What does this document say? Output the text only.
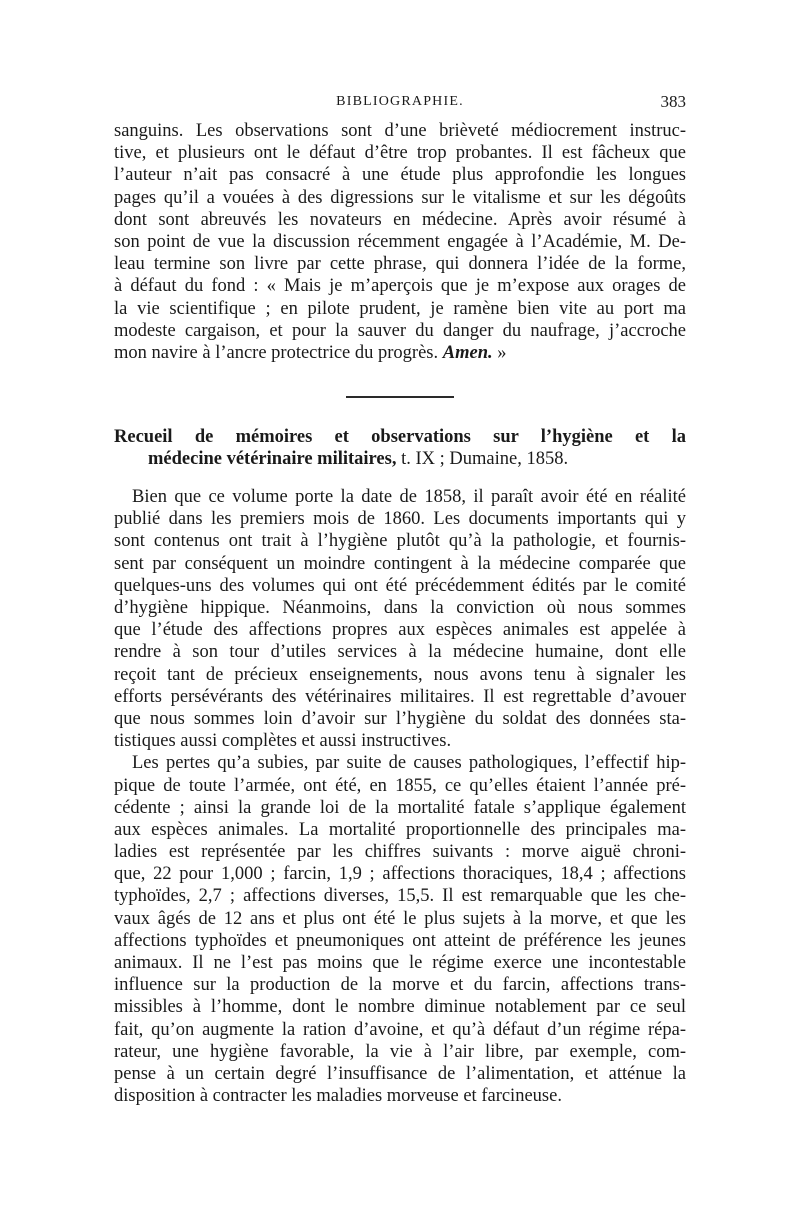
BIBLIOGRAPHIE.	383
sanguins. Les observations sont d’une brièveté médiocrement instruc-
tive, et plusieurs ont le défaut d’être trop probantes. Il est fâcheux que
l’auteur n’ait pas consacré à une étude plus approfondie les longues
pages qu’il a vouées à des digressions sur le vitalisme et sur les dégoûts
dont sont abreuvés les novateurs en médecine. Après avoir résumé à
son point de vue la discussion récemment engagée à l’Académie, M. De-
leau termine son livre par cette phrase, qui donnera l’idée de la forme,
à défaut du fond : « Mais je m’aperçois que je m’expose aux orages de
la vie scientifique ; en pilote prudent, je ramène bien vite au port ma
modeste cargaison, et pour la sauver du danger du naufrage, j’accroche
mon navire à l’ancre protectrice du progrès. Amen. »
Recueil de mémoires et observations sur l’hygiène et la
médecine vétérinaire militaires, t. IX ; Dumaine, 1858.
Bien que ce volume porte la date de 1858, il paraît avoir été en réalité
publié dans les premiers mois de 1860. Les documents importants qui y
sont contenus ont trait à l’hygiène plutôt qu’à la pathologie, et fournis-
sent par conséquent un moindre contingent à la médecine comparée que
quelques-uns des volumes qui ont été précédemment édités par le comité
d’hygiène hippique. Néanmoins, dans la conviction où nous sommes
que l’étude des affections propres aux espèces animales est appelée à
rendre à son tour d’utiles services à la médecine humaine, dont elle
reçoit tant de précieux enseignements, nous avons tenu à signaler les
efforts persévérants des vétérinaires militaires. Il est regrettable d’avouer
que nous sommes loin d’avoir sur l’hygiène du soldat des données sta-
tistiques aussi complètes et aussi instructives.
Les pertes qu’a subies, par suite de causes pathologiques, l’effectif hip-
pique de toute l’armée, ont été, en 1855, ce qu’elles étaient l’année pré-
cédente ; ainsi la grande loi de la mortalité fatale s’applique également
aux espèces animales. La mortalité proportionnelle des principales ma-
ladies est représentée par les chiffres suivants : morve aiguë chroni-
que, 22 pour 1,000 ; farcin, 1,9 ; affections thoraciques, 18,4 ; affections
typhoïdes, 2,7 ; affections diverses, 15,5. Il est remarquable que les che-
vaux âgés de 12 ans et plus ont été le plus sujets à la morve, et que les
affections typhoïdes et pneumoniques ont atteint de préférence les jeunes
animaux. Il ne l’est pas moins que le régime exerce une incontestable
influence sur la production de la morve et du farcin, affections trans-
missibles à l’homme, dont le nombre diminue notablement par ce seul
fait, qu’on augmente la ration d’avoine, et qu’à défaut d’un régime répa-
rateur, une hygiène favorable, la vie à l’air libre, par exemple, com-
pense à un certain degré l’insuffisance de l’alimentation, et atténue la
disposition à contracter les maladies morveuse et farcineuse.
